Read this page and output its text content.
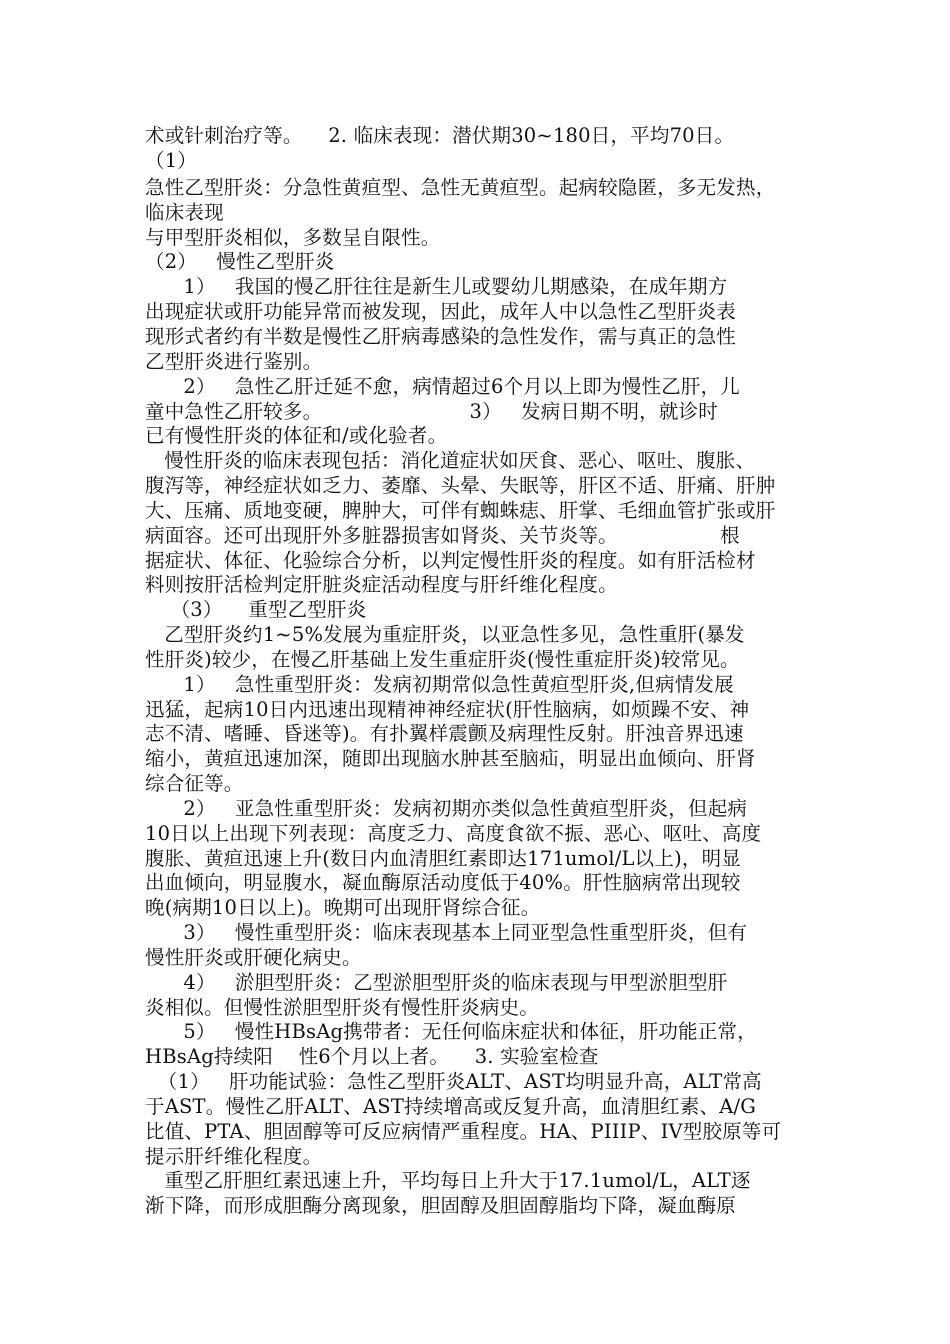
术或针刺治疗等。    2. 临床表现：潜伏期30~180日，平均70日。
（1）
急性乙型肝炎：分急性黄疸型、急性无黄疸型。起病较隐匿，多无发热，
临床表现
与甲型肝炎相似，多数呈自限性。
（2）   慢性乙型肝炎
1）   我国的慢乙肝往往是新生儿或婴幼儿期感染，在成年期方
出现症状或肝功能异常而被发现，因此，成年人中以急性乙型肝炎表
现形式者约有半数是慢性乙肝病毒感染的急性发作，需与真正的急性
乙型肝炎进行鉴别。
2）   急性乙肝迁延不愈，病情超过6个月以上即为慢性乙肝，儿
童中急性乙肝较多。                       3）   发病日期不明，就诊时
已有慢性肝炎的体征和/或化验者。
慢性肝炎的临床表现包括：消化道症状如厌食、恶心、呕吐、腹胀、
腹泻等，神经症状如乏力、萎靡、头晕、失眠等，肝区不适、肝痛、肝肿
大、压痛、质地变硬，脾肿大，可伴有蜘蛛痣、肝掌、毛细血管扩张或肝
病面容。还可出现肝外多脏器损害如肾炎、关节炎等。                根
据症状、体征、化验综合分析，以判定慢性肝炎的程度。如有肝活检材
料则按肝活检判定肝脏炎症活动程度与肝纤维化程度。
（3）    重型乙型肝炎
乙型肝炎约1~5%发展为重症肝炎，以亚急性多见，急性重肝(暴发
性肝炎)较少，在慢乙肝基础上发生重症肝炎(慢性重症肝炎)较常见。
1）   急性重型肝炎：发病初期常似急性黄疸型肝炎,但病情发展
迅猛，起病10日内迅速出现精神神经症状(肝性脑病，如烦躁不安、神
志不清、嗜睡、昏迷等)。有扑翼样震颤及病理性反射。肝浊音界迅速
缩小，黄疸迅速加深，随即出现脑水肿甚至脑疝，明显出血倾向、肝肾
综合征等。
2）   亚急性重型肝炎：发病初期亦类似急性黄疸型肝炎，但起病
10日以上出现下列表现：高度乏力、高度食欲不振、恶心、呕吐、高度
腹胀、黄疸迅速上升(数日内血清胆红素即达171umol/L以上)，明显
出血倾向，明显腹水，凝血酶原活动度低于40%。肝性脑病常出现较
晚(病期10日以上)。晚期可出现肝肾综合征。
3）   慢性重型肝炎：临床表现基本上同亚型急性重型肝炎，但有
慢性肝炎或肝硬化病史。
4）   淤胆型肝炎：乙型淤胆型肝炎的临床表现与甲型淤胆型肝
炎相似。但慢性淤胆型肝炎有慢性肝炎病史。
5）   慢性HBsAg携带者：无任何临床症状和体征，肝功能正常，
HBsAg持续阳    性6个月以上者。    3. 实验室检查
（1）   肝功能试验：急性乙型肝炎ALT、AST均明显升高，ALT常高
于AST。慢性乙肝ALT、AST持续增高或反复升高，血清胆红素、A/G
比值、PTA、胆固醇等可反应病情严重程度。HA、PIIIP、IV型胶原等可
提示肝纤维化程度。
重型乙肝胆红素迅速上升，平均每日上升大于17.1umol/L，ALT逐
渐下降，而形成胆酶分离现象，胆固醇及胆固醇脂均下降，凝血酶原
